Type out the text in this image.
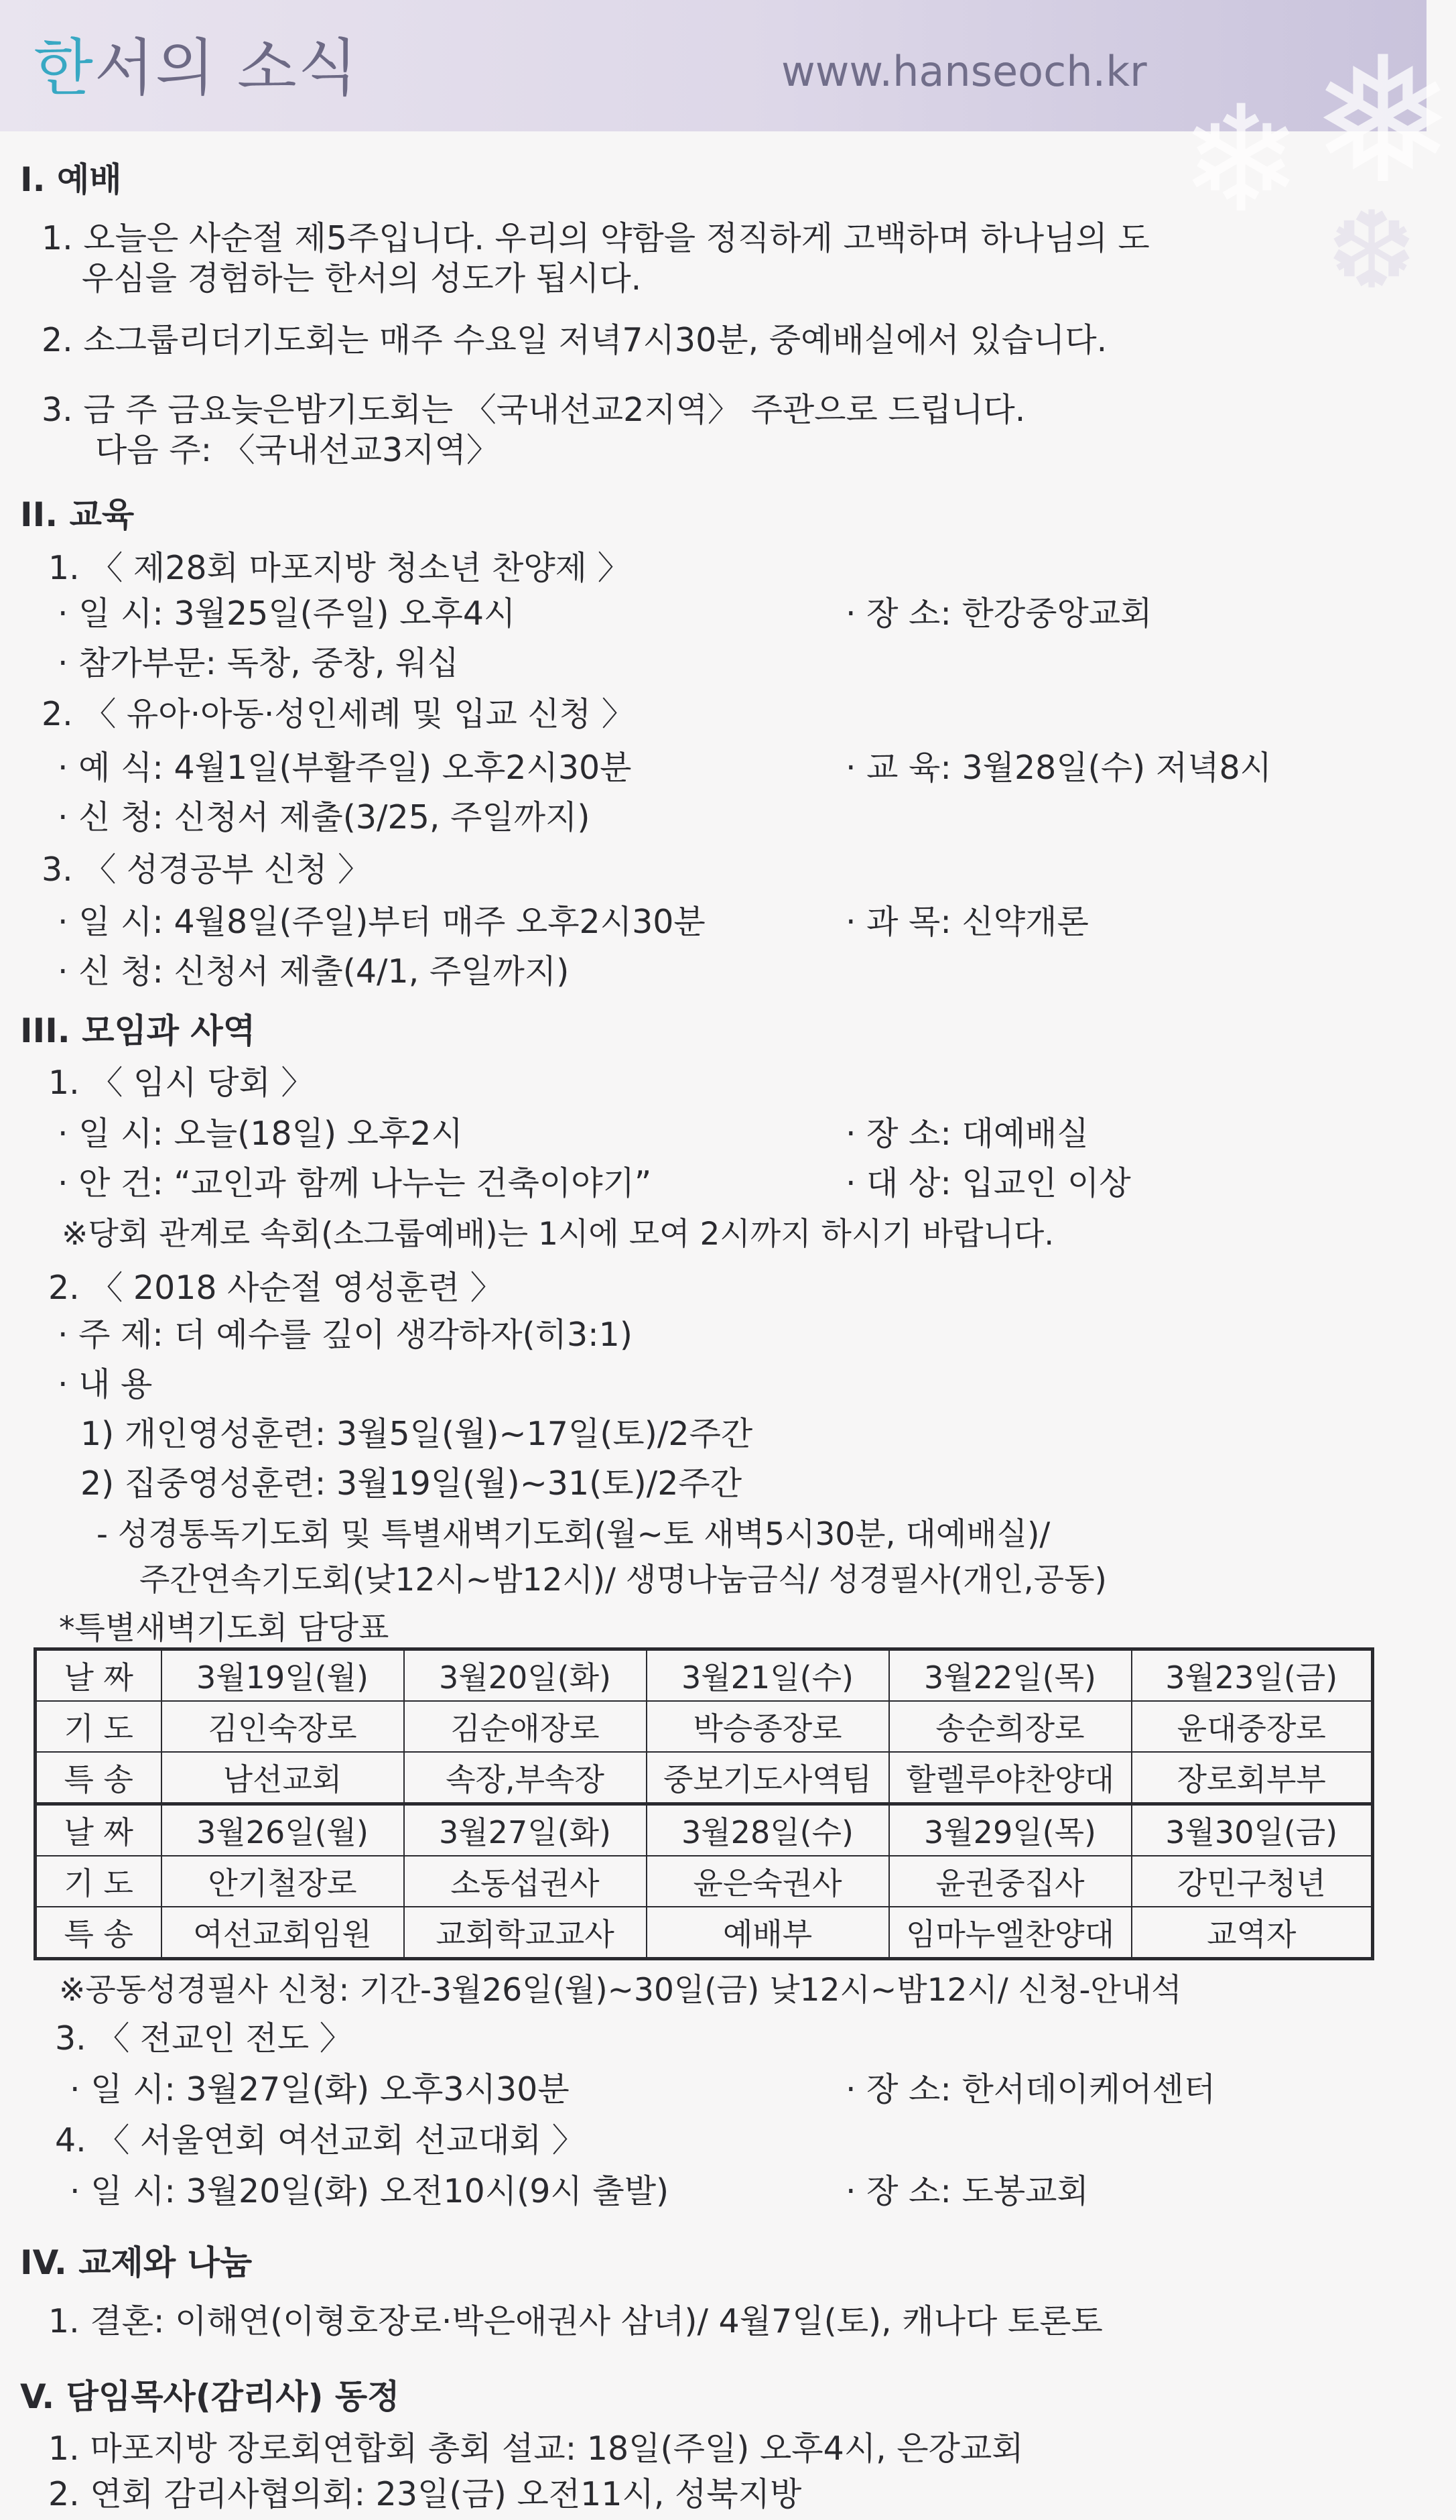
한서의 소식	www.hanseoch.kr
❄ ❅
❆
I. 예배
1. 오늘은 사순절 제5주입니다. 우리의 약함을 정직하게 고백하며 하나님의 도
우심을 경험하는 한서의 성도가 됩시다.
2. 소그룹리더기도회는 매주 수요일 저녁7시30분, 중예배실에서 있습니다.
3. 금 주 금요늦은밤기도회는 〈국내선교2지역〉 주관으로 드립니다.
다음 주: 〈국내선교3지역〉
II. 교육
1. 〈 제28회 마포지방 청소년 찬양제 〉
· 일 시: 3월25일(주일) 오후4시	· 장 소: 한강중앙교회
· 참가부문: 독창, 중창, 워십
2. 〈 유아·아동·성인세례 및 입교 신청 〉
· 예 식: 4월1일(부활주일) 오후2시30분	· 교 육: 3월28일(수) 저녁8시
· 신 청: 신청서 제출(3/25, 주일까지)
3. 〈 성경공부 신청 〉
· 일 시: 4월8일(주일)부터 매주 오후2시30분	· 과 목: 신약개론
· 신 청: 신청서 제출(4/1, 주일까지)
III. 모임과 사역
1. 〈 임시 당회 〉
· 일 시: 오늘(18일) 오후2시	· 장 소: 대예배실
· 안 건: “교인과 함께 나누는 건축이야기”	· 대 상: 입교인 이상
※당회 관계로 속회(소그룹예배)는 1시에 모여 2시까지 하시기 바랍니다.
2. 〈 2018 사순절 영성훈련 〉
· 주 제: 더 예수를 깊이 생각하자(히3:1)
· 내 용
1) 개인영성훈련: 3월5일(월)~17일(토)/2주간
2) 집중영성훈련: 3월19일(월)~31(토)/2주간
- 성경통독기도회 및 특별새벽기도회(월~토 새벽5시30분, 대예배실)/
주간연속기도회(낮12시~밤12시)/ 생명나눔금식/ 성경필사(개인,공동)
*특별새벽기도회 담당표
날 짜	3월19일(월)	3월20일(화)	3월21일(수)	3월22일(목)	3월23일(금)
기 도	김인숙장로	김순애장로	박승종장로	송순희장로	윤대중장로
특 송	남선교회	속장,부속장	중보기도사역팀	할렐루야찬양대	장로회부부
날 짜	3월26일(월)	3월27일(화)	3월28일(수)	3월29일(목)	3월30일(금)
기 도	안기철장로	소동섭권사	윤은숙권사	윤권중집사	강민구청년
특 송	여선교회임원	교회학교교사	예배부	임마누엘찬양대	교역자
※공동성경필사 신청: 기간-3월26일(월)~30일(금) 낮12시~밤12시/ 신청-안내석
3. 〈 전교인 전도 〉
· 일 시: 3월27일(화) 오후3시30분	· 장 소: 한서데이케어센터
4. 〈 서울연회 여선교회 선교대회 〉
· 일 시: 3월20일(화) 오전10시(9시 출발)	· 장 소: 도봉교회
IV. 교제와 나눔
1. 결혼: 이해연(이형호장로·박은애권사 삼녀)/ 4월7일(토), 캐나다 토론토
V. 담임목사(감리사) 동정
1. 마포지방 장로회연합회 총회 설교: 18일(주일) 오후4시, 은강교회
2. 연회 감리사협의회: 23일(금) 오전11시, 성북지방
